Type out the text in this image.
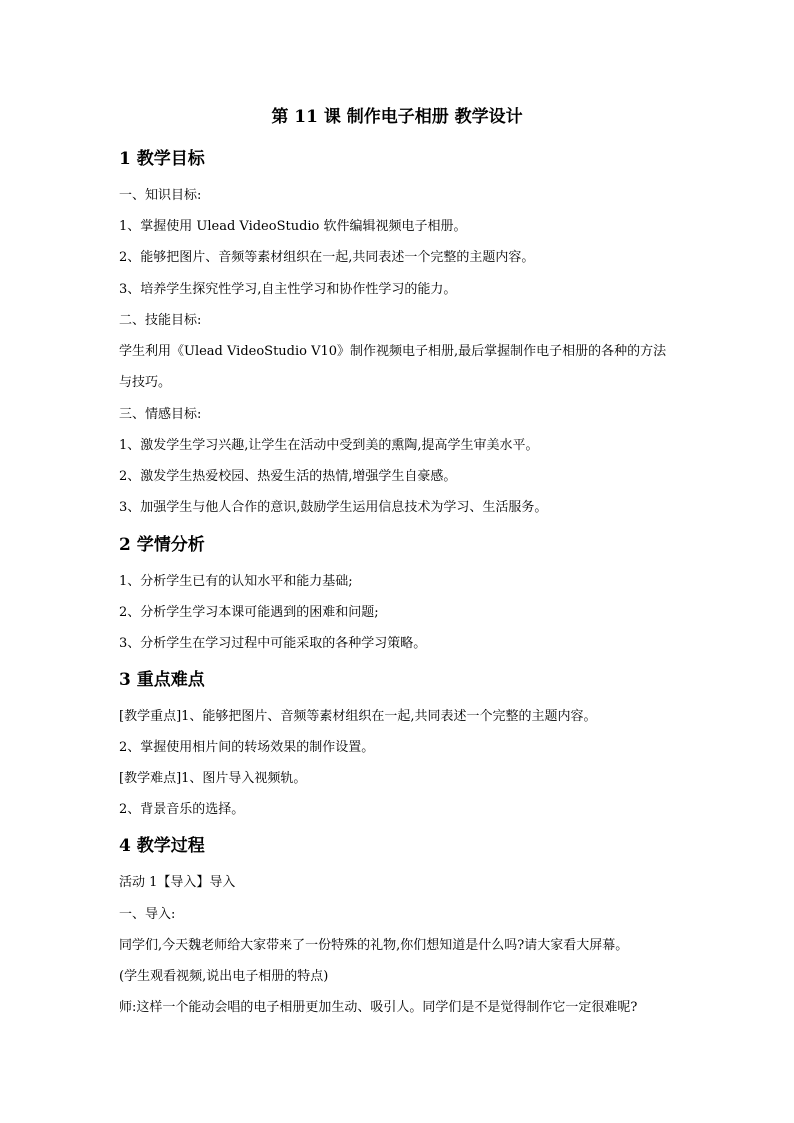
第 11 课 制作电子相册 教学设计
1 教学目标
一、知识目标:
1、掌握使用 Ulead VideoStudio 软件编辑视频电子相册。
2、能够把图片、音频等素材组织在一起,共同表述一个完整的主题内容。
3、培养学生探究性学习,自主性学习和协作性学习的能力。
二、技能目标:
学生利用《Ulead VideoStudio V10》制作视频电子相册,最后掌握制作电子相册的各种的方法
与技巧。
三、情感目标:
1、激发学生学习兴趣,让学生在活动中受到美的熏陶,提高学生审美水平。
2、激发学生热爱校园、热爱生活的热情,增强学生自豪感。
3、加强学生与他人合作的意识,鼓励学生运用信息技术为学习、生活服务。
2 学情分析
1、分析学生已有的认知水平和能力基础;
2、分析学生学习本课可能遇到的困难和问题;
3、分析学生在学习过程中可能采取的各种学习策略。
3 重点难点
[教学重点]1、能够把图片、音频等素材组织在一起,共同表述一个完整的主题内容。
2、掌握使用相片间的转场效果的制作设置。
[教学难点]1、图片导入视频轨。
2、背景音乐的选择。
4 教学过程
活动 1【导入】导入
一、导入:
同学们,今天魏老师给大家带来了一份特殊的礼物,你们想知道是什么吗?请大家看大屏幕。
(学生观看视频,说出电子相册的特点)
师:这样一个能动会唱的电子相册更加生动、吸引人。同学们是不是觉得制作它一定很难呢?
